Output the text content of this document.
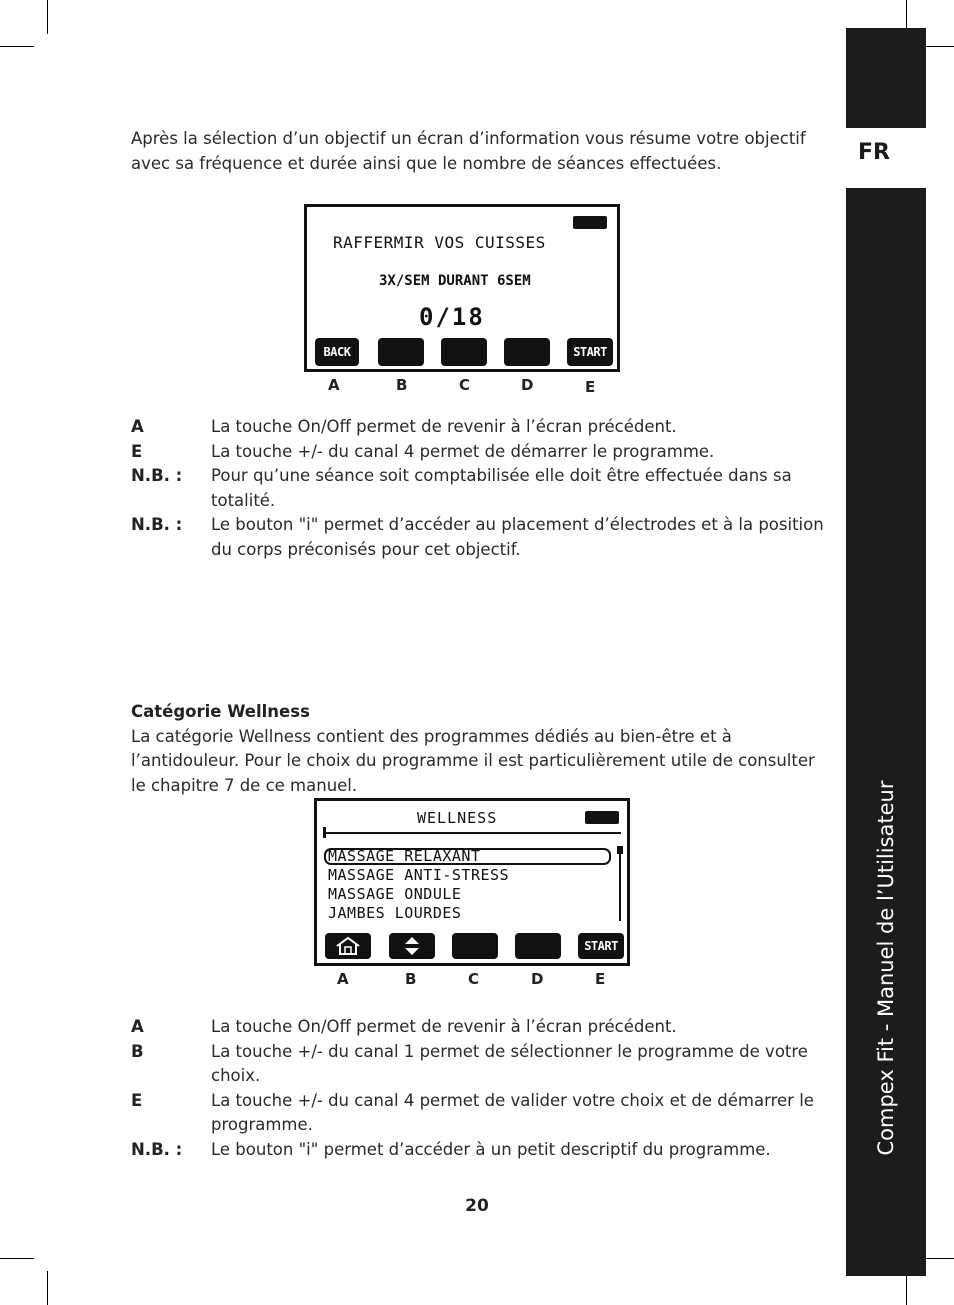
FR
Compex Fit - Manuel de l’Utilisateur
Après la sélection d’un objectif un écran d’information vous résume votre objectif avec sa fréquence et durée ainsi que le nombre de séances effectuées.
RAFFERMIR VOS CUISSES
3X/SEM DURANT 6SEM
0/18
BACK	START
A	B	C	D	E
A	La touche On/Off permet de revenir à l’écran précédent.
E	La touche +/- du canal 4 permet de démarrer le programme.
N.B. :	Pour qu’une séance soit comptabilisée elle doit être effectuée dans sa totalité.
N.B. :	Le bouton "i" permet d’accéder au placement d’électrodes et à la position du corps préconisés pour cet objectif.
Catégorie Wellness
La catégorie Wellness contient des programmes dédiés au bien-être et à l’antidouleur. Pour le choix du programme il est particulièrement utile de consulter le chapitre 7 de ce manuel.
WELLNESS
MASSAGE RELAXANT
MASSAGE ANTI-STRESS
MASSAGE ONDULE
JAMBES LOURDES
START
A	B	C	D	E
A	La touche On/Off permet de revenir à l’écran précédent.
B	La touche +/- du canal 1 permet de sélectionner le programme de votre choix.
E	La touche +/- du canal 4 permet de valider votre choix et de démarrer le programme.
N.B. :	Le bouton "i" permet d’accéder à un petit descriptif du programme.
20
